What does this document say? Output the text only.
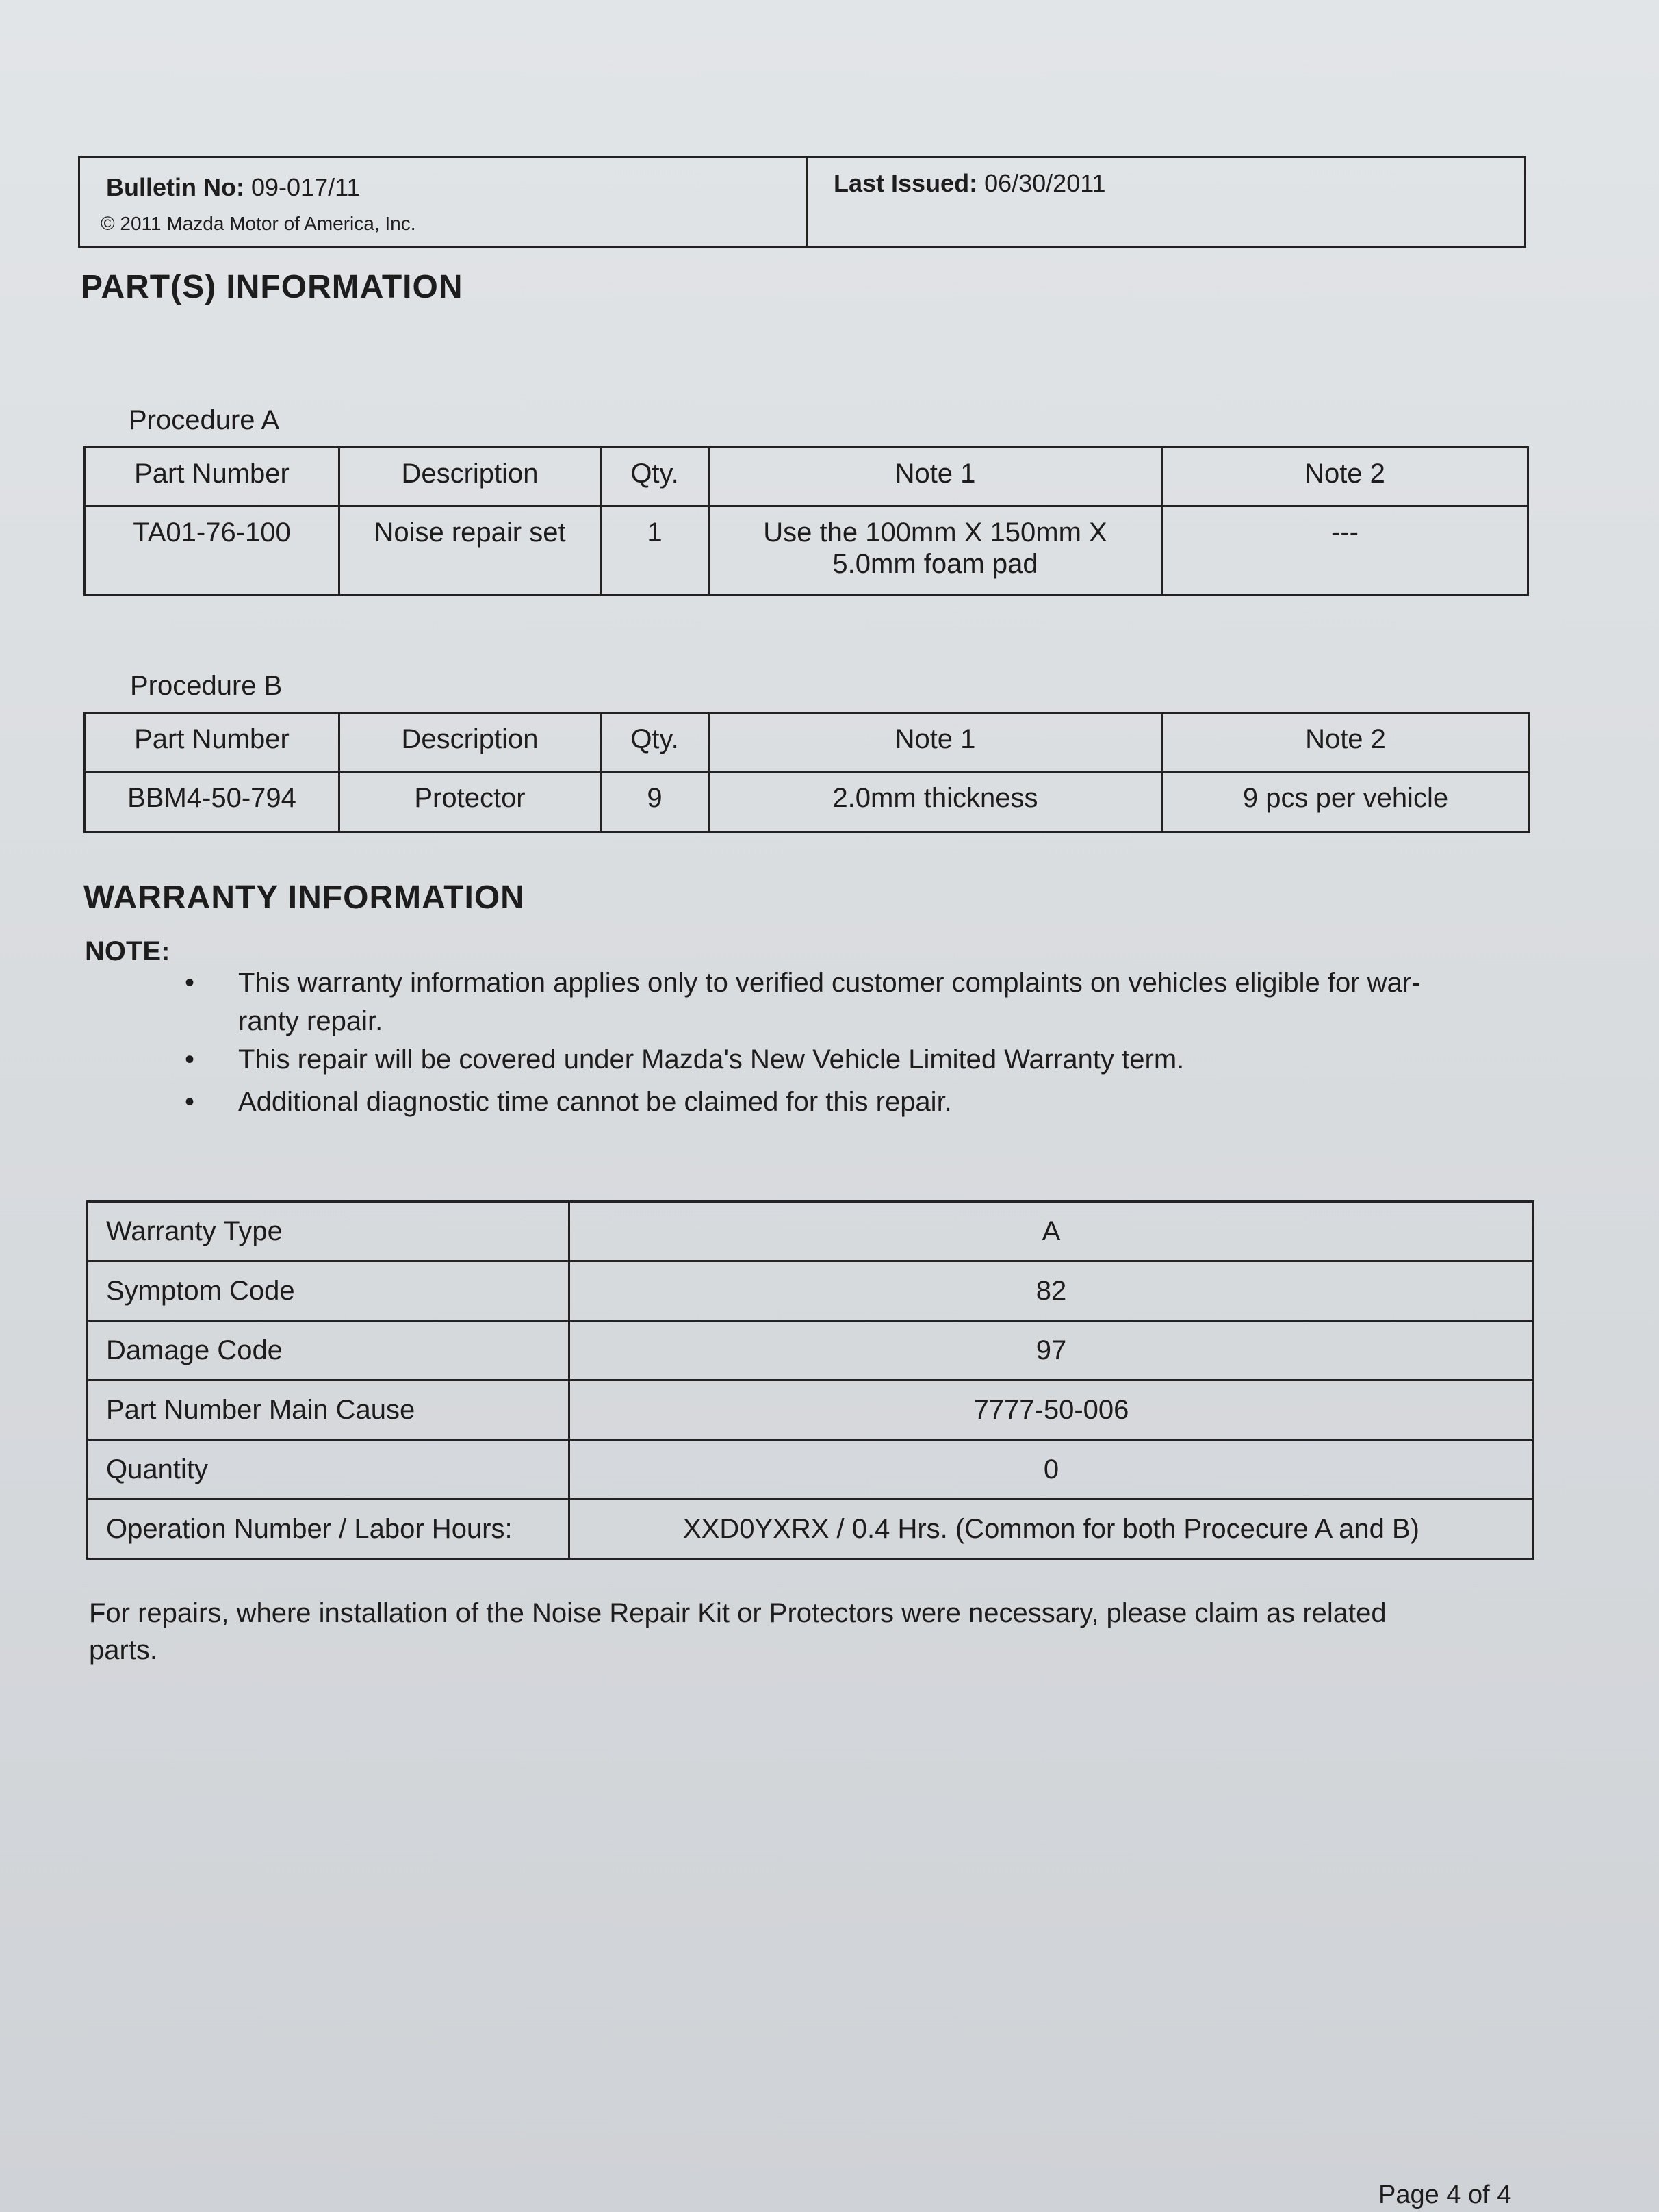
Bulletin No: 09-017/11
© 2011 Mazda Motor of America, Inc.
Last Issued: 06/30/2011
PART(S) INFORMATION
Procedure A
Part Number	Description	Qty.	Note 1	Note 2
TA01-76-100	Noise repair set	1	Use the 100mm X 150mm X
5.0mm foam pad	---
Procedure B
Part Number	Description	Qty.	Note 1	Note 2
BBM4-50-794	Protector	9	2.0mm thickness	9 pcs per vehicle
WARRANTY INFORMATION
NOTE:
• This warranty information applies only to verified customer complaints on vehicles eligible for war-
ranty repair.
• This repair will be covered under Mazda's New Vehicle Limited Warranty term.
• Additional diagnostic time cannot be claimed for this repair.
Warranty Type	A
Symptom Code	82
Damage Code	97
Part Number Main Cause	7777-50-006
Quantity	0
Operation Number / Labor Hours:	XXD0YXRX / 0.4 Hrs. (Common for both Procecure A and B)
For repairs, where installation of the Noise Repair Kit or Protectors were necessary, please claim as related
parts.
Page 4 of 4
